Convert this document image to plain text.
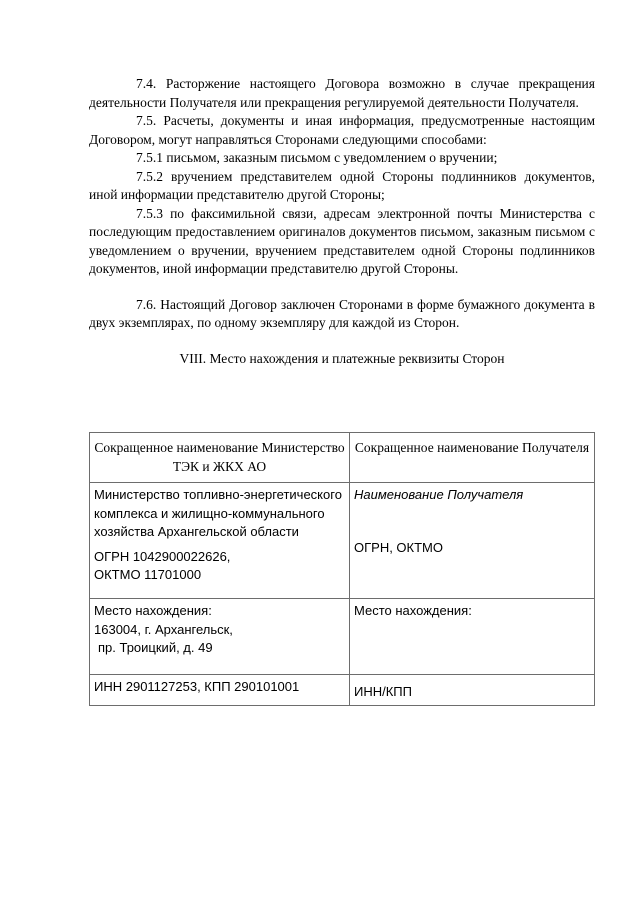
7.4. Расторжение настоящего Договора возможно в случае прекращения деятельности Получателя или прекращения регулируемой деятельности Получателя.

7.5. Расчеты, документы и иная информация, предусмотренные настоящим Договором, могут направляться Сторонами следующими способами:

7.5.1 письмом, заказным письмом с уведомлением о вручении;

7.5.2 вручением представителем одной Стороны подлинников документов, иной информации представителю другой Стороны;

7.5.3 по факсимильной связи, адресам электронной почты Министерства с последующим предоставлением оригиналов документов письмом, заказным письмом с уведомлением о вручении, вручением представителем одной Стороны подлинников документов, иной информации представителю другой Стороны.

7.6. Настоящий Договор заключен Сторонами в форме бумажного документа в двух экземплярах, по одному экземпляру для каждой из Сторон.

VIII. Место нахождения и платежные реквизиты Сторон

Сокращенное наименование Министерство ТЭК и ЖКХ АО	Сокращенное наименование Получателя

Министерство топливно-энергетического комплекса и жилищно-коммунального хозяйства Архангельской области
ОГРН 1042900022626,
ОКТМО 11701000	Наименование Получателя
ОГРН, ОКТМО

Место нахождения:
163004, г. Архангельск,
пр. Троицкий, д. 49	Место нахождения:

ИНН 2901127253, КПП 290101001	ИНН/КПП
